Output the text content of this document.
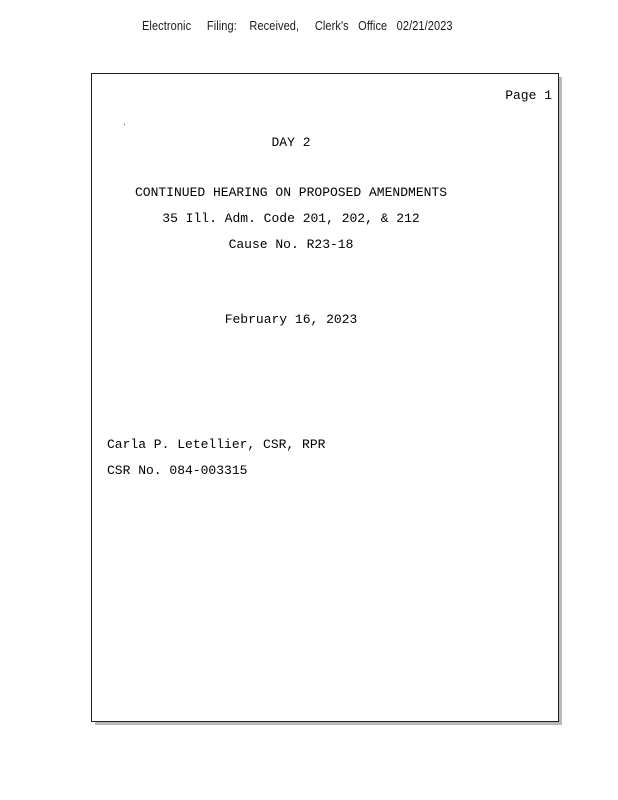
Electronic     Filing:    Received,     Clerk's   Office   02/21/2023
Page 1
DAY 2
CONTINUED HEARING ON PROPOSED AMENDMENTS
35 Ill. Adm. Code 201, 202, & 212
Cause No. R23-18
February 16, 2023
Carla P. Letellier, CSR, RPR
CSR No. 084-003315
